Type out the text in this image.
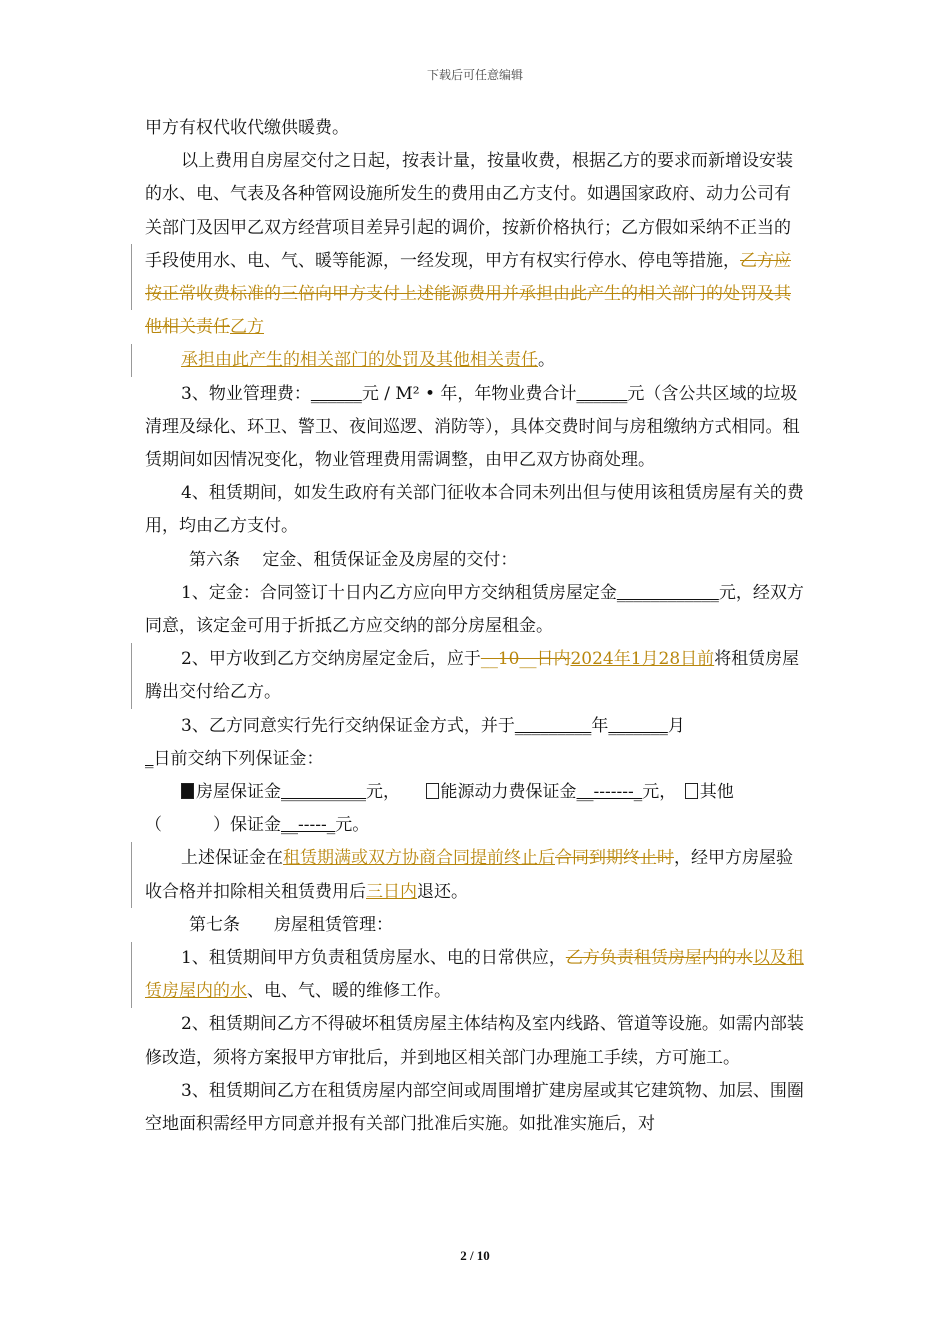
下载后可任意编辑

甲方有权代收代缴供暖费。

以上费用自房屋交付之日起，按表计量，按量收费，根据乙方的要求而新增设安装的水、电、气表及各种管网设施所发生的费用由乙方支付。如遇国家政府、动力公司有关部门及因甲乙双方经营项目差异引起的调价，按新价格执行；乙方假如采纳不正当的手段使用水、电、气、暖等能源，一经发现，甲方有权实行停水、停电等措施，乙方应按正常收费标准的三倍向甲方支付上述能源费用并承担由此产生的相关部门的处罚及其他相关责任乙方

承担由此产生的相关部门的处罚及其他相关责任。

3、物业管理费：______元 / M² • 年，年物业费合计______元（含公共区域的垃圾清理及绿化、环卫、警卫、夜间巡逻、消防等），具体交费时间与房租缴纳方式相同。租赁期间如因情况变化，物业管理费用需调整，由甲乙双方协商处理。

4、租赁期间，如发生政府有关部门征收本合同未列出但与使用该租赁房屋有关的费用，均由乙方支付。

第六条　 定金、租赁保证金及房屋的交付：

1、定金：合同签订十日内乙方应向甲方交纳租赁房屋定金____________元，经双方同意，该定金可用于折抵乙方应交纳的部分房屋租金。

2、甲方收到乙方交纳房屋定金后，应于__10__日内2024年1月28日前将租赁房屋腾出交付给乙方。

3、乙方同意实行先行交纳保证金方式，并于_________年_______月
_日前交纳下列保证金：

房屋保证金__________元，　　	能源动力费保证金__-------_元，　 其他（　　　	）保证金__-----_元。

上述保证金在租赁期满或双方协商合同提前终止后合同到期终止时，经甲方房屋验收合格并扣除相关租赁费用后三日内退还。

第七条　　房屋租赁管理：

1、租赁期间甲方负责租赁房屋水、电的日常供应，乙方负责租赁房屋内的水以及租赁房屋内的水、电、气、暖的维修工作。

2、租赁期间乙方不得破坏租赁房屋主体结构及室内线路、管道等设施。如需内部装修改造，须将方案报甲方审批后，并到地区相关部门办理施工手续，方可施工。

3、租赁期间乙方在租赁房屋内部空间或周围增扩建房屋或其它建筑物、加层、围圈空地面积需经甲方同意并报有关部门批准后实施。如批准实施后，对

2 / 10
